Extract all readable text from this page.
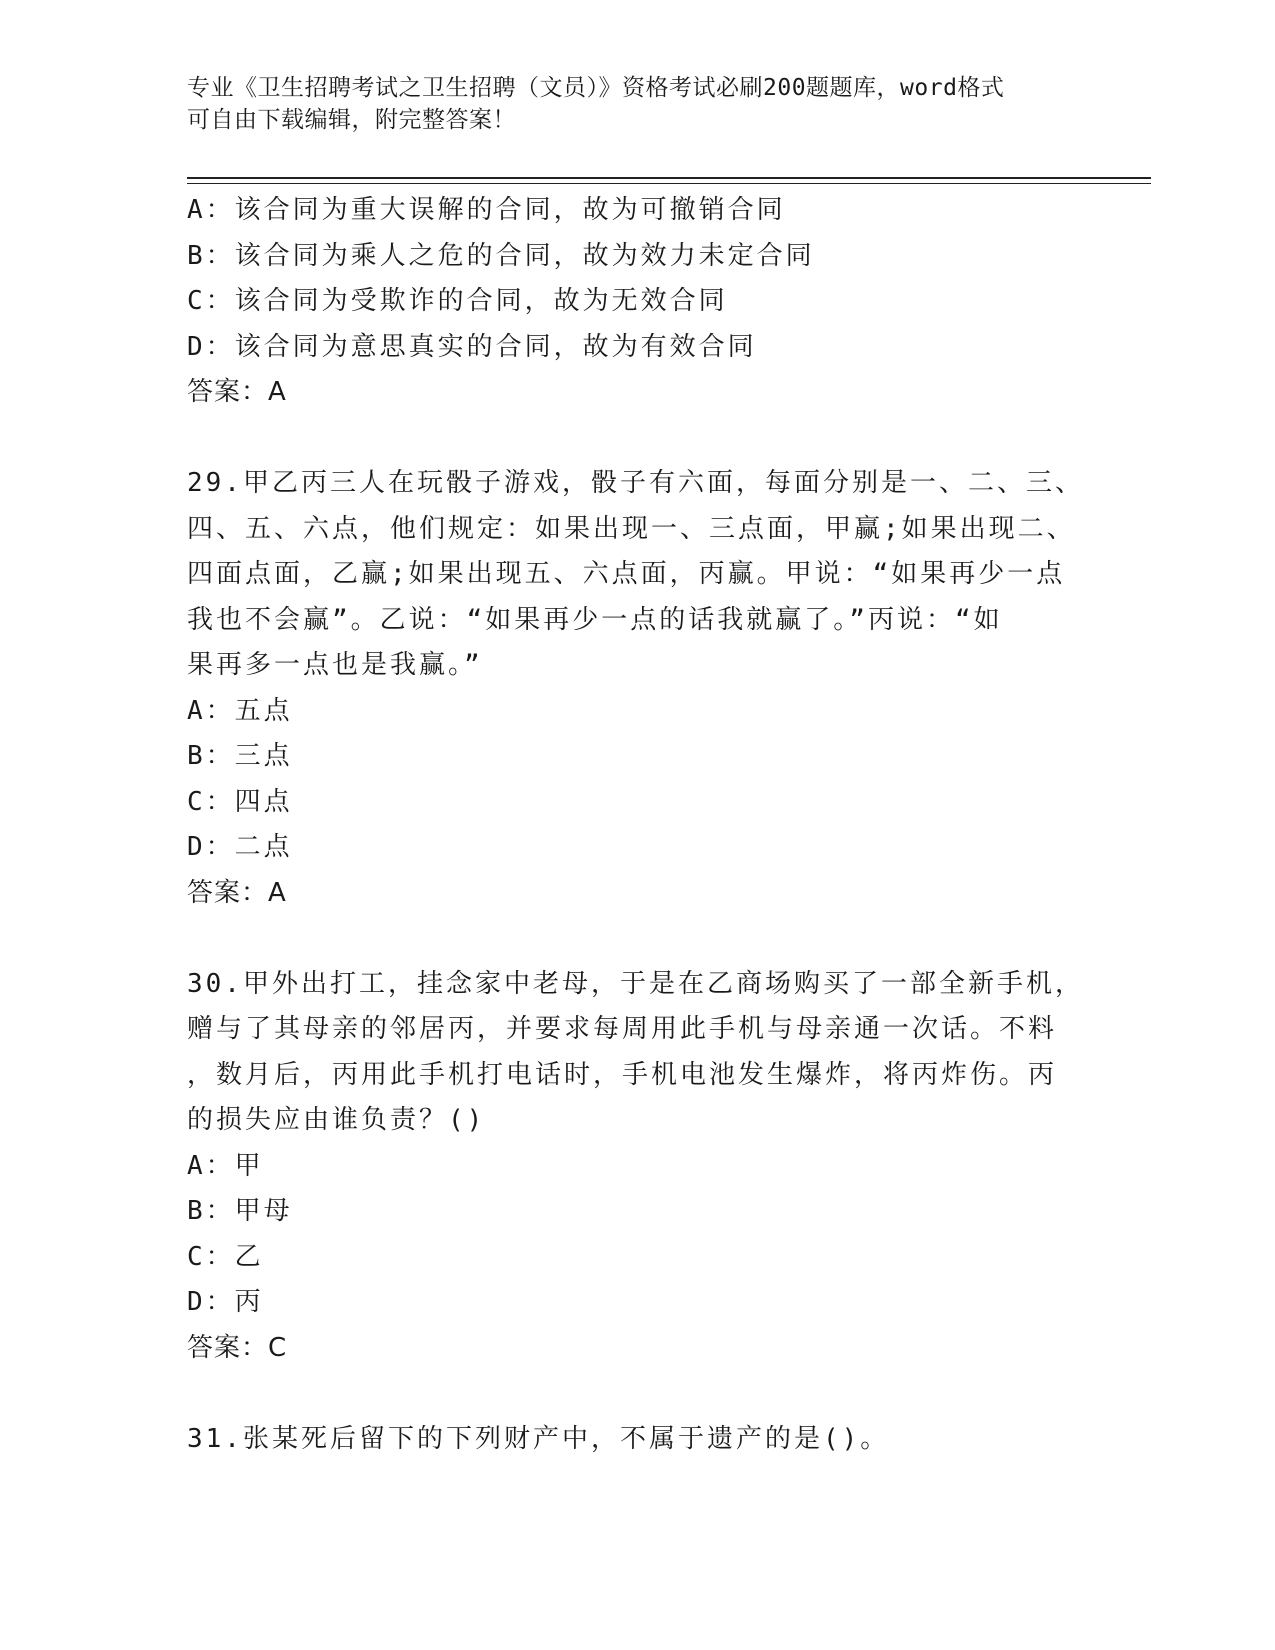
专业《卫生招聘考试之卫生招聘（文员）》资格考试必刷200题题库，word格式
可自由下载编辑，附完整答案！
A：该合同为重大误解的合同，故为可撤销合同
B：该合同为乘人之危的合同，故为效力未定合同
C：该合同为受欺诈的合同，故为无效合同
D：该合同为意思真实的合同，故为有效合同
答案：A
29.甲乙丙三人在玩骰子游戏，骰子有六面，每面分别是一、二、三、
四、五、六点，他们规定：如果出现一、三点面，甲赢;如果出现二、
四面点面，乙赢;如果出现五、六点面，丙赢。甲说：“如果再少一点
我也不会赢”。乙说：“如果再少一点的话我就赢了。”丙说：“如
果再多一点也是我赢。”
A：五点
B：三点
C：四点
D：二点
答案：A
30.甲外出打工，挂念家中老母，于是在乙商场购买了一部全新手机，
赠与了其母亲的邻居丙，并要求每周用此手机与母亲通一次话。不料
，数月后，丙用此手机打电话时，手机电池发生爆炸，将丙炸伤。丙
的损失应由谁负责？()
A：甲
B：甲母
C：乙
D：丙
答案：C
31.张某死后留下的下列财产中，不属于遗产的是()。
